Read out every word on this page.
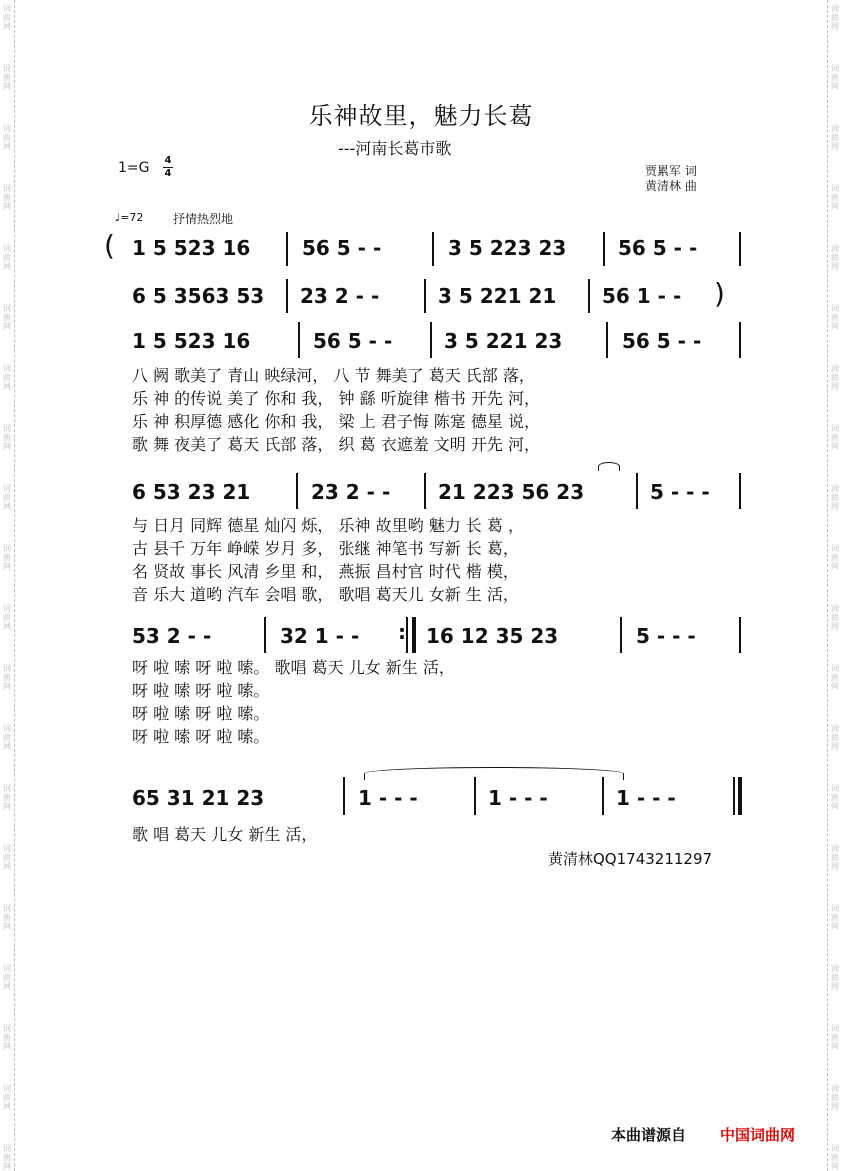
词
曲
网
词
曲
网
词
曲
网
词
曲
网
词
曲
网
词
曲
网
词
曲
网
词
曲
网
词
曲
网
词
曲
网
词
曲
网
词
曲
网
词
曲
网
词
曲
网
词
曲
网
词
曲
网
词
曲
网
词
曲
网
词
曲
网
词
曲
网
词
曲
网
词
曲
网
词
曲
网
词
曲
网
词
曲
网
词
曲
网
词
曲
网
词
曲
网
词
曲
网
词
曲
网
词
曲
网
词
曲
网
词
曲
网
词
曲
网
词
曲
网
词
曲
网
词
曲
网
词
曲
网
词
曲
网
词
曲
网
乐神故里，魅力长葛
---河南长葛市歌
$1=G \frac{4}{4}$	贾累军 词
黄清林 曲
♩=72 抒情热烈地
( 1 5 523 16	56 5 - -	3 5 223 23	56 5 - -
6 5 3563 53 23 2 - -	3 5 221 21 56 1 - - )
1 5 523 16	56 5 - -	3 5 221 23	56 5 - -
八 阙 歌美了 青山 映绿河， 八 节 舞美了 葛天 氏部 落，
乐 神 的传说 美了 你和 我， 钟 繇 听旋律 楷书 开先 河，
乐 神 积厚德 感化 你和 我， 梁 上 君子悔 陈寔 德星 说，
歌 舞 夜美了 葛天 氏部 落， 织 葛 衣遮羞 文明 开先 河，
6 53 23 21	23 2 - - 21 223 56 23	5 - - -
与 日月 同辉 德星 灿闪 烁， 乐神 故里哟 魅力 长 葛 ，
古 县千 万年 峥嵘 岁月 多， 张继 神笔书 写新 长 葛，
名 贤故 事长 风清 乡里 和， 燕振 昌村官 时代 楷 模，
音 乐大 道哟 汽车 会唱 歌， 歌唱 葛天儿 女新 生 活，
53 2 - -	32 1 - - : 16 12 35 23	5 - - -
呀 啦 嗦 呀 啦 嗦。 歌唱 葛天 儿女 新生 活，
呀 啦 嗦 呀 啦 嗦。
呀 啦 嗦 呀 啦 嗦。
呀 啦 嗦 呀 啦 嗦。
65 31 21 23	1 - - -	1 - - -	1 - - -
歌 唱 葛天 儿女 新生 活，
黄清林QQ1743211297
本曲谱源自 中国词曲网
